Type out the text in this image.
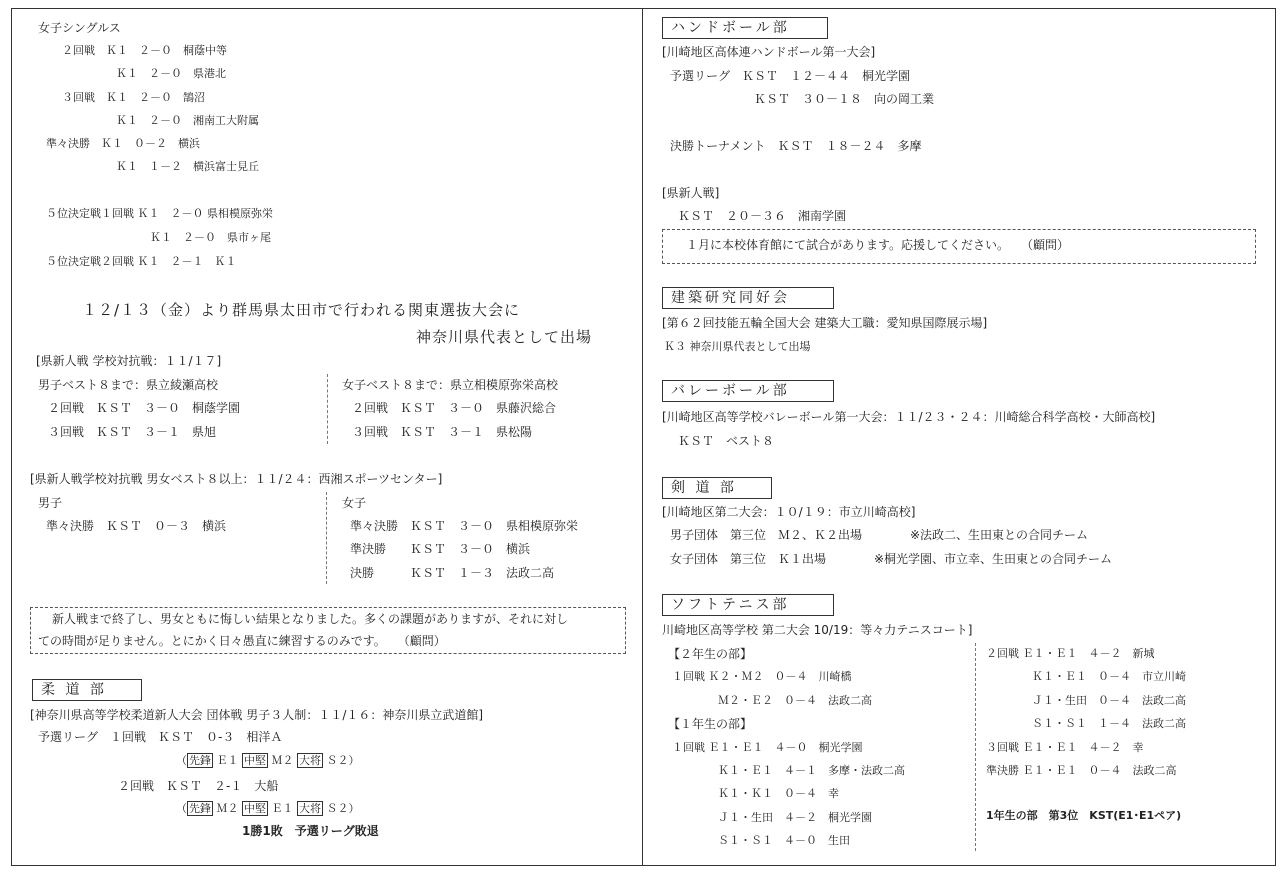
女子シングルス
２回戦　Ｋ１　２－０　桐蔭中等
Ｋ１　２－０　県港北
３回戦　Ｋ１　２－０　鵠沼
Ｋ１　２－０　湘南工大附属
準々決勝　Ｋ１　０－２　横浜
Ｋ１　１－２　横浜富士見丘
５位決定戦１回戦 Ｋ１　２－０ 県相模原弥栄
Ｋ１　２－０　県市ヶ尾
５位決定戦２回戦 Ｋ１　２－１　Ｋ１
１２/１３（金）より群馬県太田市で行われる関東選抜大会に
神奈川県代表として出場
[県新人戦 学校対抗戦：１１/１７]
男子ベスト８まで：県立綾瀬高校
２回戦　ＫＳＴ　３－０　桐蔭学園
３回戦　ＫＳＴ　３－１　県旭
女子ベスト８まで：県立相模原弥栄高校
２回戦　ＫＳＴ　３－０　県藤沢総合
３回戦　ＫＳＴ　３－１　県松陽
[県新人戦学校対抗戦 男女ベスト８以上：１１/２４：西湘スポーツセンター]
男子
準々決勝　ＫＳＴ　０－３　横浜
女子
準々決勝　ＫＳＴ　３－０　県相模原弥栄
準決勝　　ＫＳＴ　３－０　横浜
決勝　　　ＫＳＴ　１－３　法政二高
新人戦まで終了し、男女ともに悔しい結果となりました。多くの課題がありますが、それに対し
ての時間が足りません。とにかく日々愚直に練習するのみです。　　（顧問）
柔 道 部
[神奈川県高等学校柔道新人大会 団体戦 男子３人制：１１/１６：神奈川県立武道館]
予選リーグ　１回戦　ＫＳＴ　０-３　相洋Ａ
（ 先鋒 Ｅ１ 中堅 Ｍ２ 大将 Ｓ２）
２回戦　ＫＳＴ　２-１　大船
（ 先鋒 Ｍ２ 中堅 Ｅ１ 大将 Ｓ２）
1勝1敗　予選リーグ敗退
ハンドボール部
[川崎地区高体連ハンドボール第一大会]
予選リーグ　ＫＳＴ　１２－４４　桐光学園
ＫＳＴ　３０－１８　向の岡工業
決勝トーナメント　ＫＳＴ　１８－２４　多摩
[県新人戦]
ＫＳＴ　２０－３６　湘南学園
１月に本校体育館にて試合があります。応援してください。　　（顧問）
建築研究同好会
[第６２回技能五輪全国大会 建築大工職：愛知県国際展示場]
Ｋ３ 神奈川県代表として出場
バレーボール部
[川崎地区高等学校バレーボール第一大会：１１/２３・２４：川崎総合科学高校・大師高校]
ＫＳＴ　ベスト８
剣 道 部
[川崎地区第二大会：１０/１９：市立川崎高校]
男子団体　第三位　Ｍ２、Ｋ２出場　　　　※法政二、生田東との合同チーム
女子団体　第三位　Ｋ１出場　　　　※桐光学園、市立幸、生田東との合同チーム
ソフトテニス部
川崎地区高等学校 第二大会 10/19：等々力テニスコート]
【２年生の部】
１回戦 Ｋ２・Ｍ２　０－４　川崎橋
Ｍ２・Ｅ２　０－４　法政二高
【１年生の部】
１回戦 Ｅ１・Ｅ１　４－０　桐光学園
Ｋ１・Ｅ１　４－１　多摩・法政二高
Ｋ１・Ｋ１　０－４　幸
Ｊ１・生田　４－２　桐光学園
Ｓ１・Ｓ１　４－０　生田
２回戦 Ｅ１・Ｅ１　４－２　新城
Ｋ１・Ｅ１　０－４　市立川崎
Ｊ１・生田　０－４　法政二高
Ｓ１・Ｓ１　１－４　法政二高
３回戦 Ｅ１・Ｅ１　４－２　幸
準決勝 Ｅ１・Ｅ１　０－４　法政二高
1年生の部　第3位　KST(E1･E1ペア)
